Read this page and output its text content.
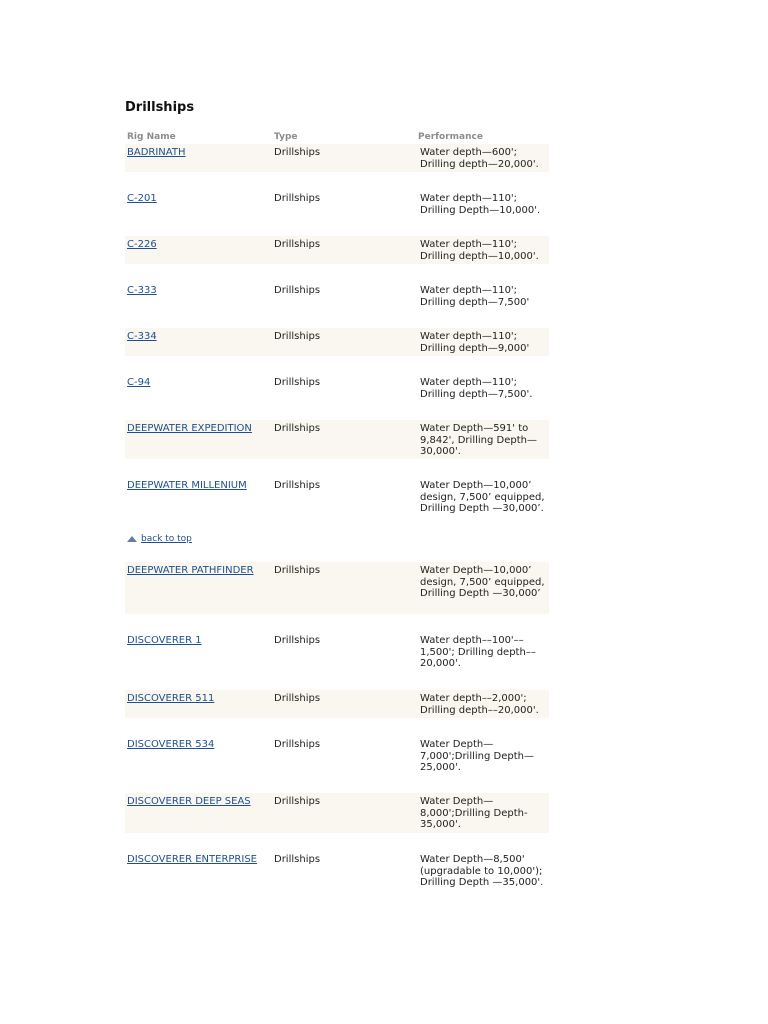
Drillships
Rig Name	Type	Performance
BADRINATH	Drillships	Water depth—600'; Drilling depth—20,000'.
C-201	Drillships	Water depth—110'; Drilling Depth—10,000'.
C-226	Drillships	Water depth—110'; Drilling depth—10,000'.
C-333	Drillships	Water depth—110'; Drilling depth—7,500'
C-334	Drillships	Water depth—110'; Drilling depth—9,000'
C-94	Drillships	Water depth—110'; Drilling depth—7,500'.
DEEPWATER EXPEDITION	Drillships	Water Depth—591' to 9,842', Drilling Depth—30,000'.
DEEPWATER MILLENIUM	Drillships	Water Depth—10,000’ design, 7,500’ equipped, Drilling Depth —30,000’.
back to top
DEEPWATER PATHFINDER	Drillships	Water Depth—10,000’ design, 7,500’ equipped, Drilling Depth —30,000’
DISCOVERER 1	Drillships	Water depth––100'––1,500'; Drilling depth––20,000'.
DISCOVERER 511	Drillships	Water depth––2,000'; Drilling depth––20,000'.
DISCOVERER 534	Drillships	Water Depth—7,000';Drilling Depth—25,000'.
DISCOVERER DEEP SEAS	Drillships	Water Depth—8,000';Drilling Depth-35,000'.
DISCOVERER ENTERPRISE	Drillships	Water Depth—8,500' (upgradable to 10,000'); Drilling Depth —35,000'.
